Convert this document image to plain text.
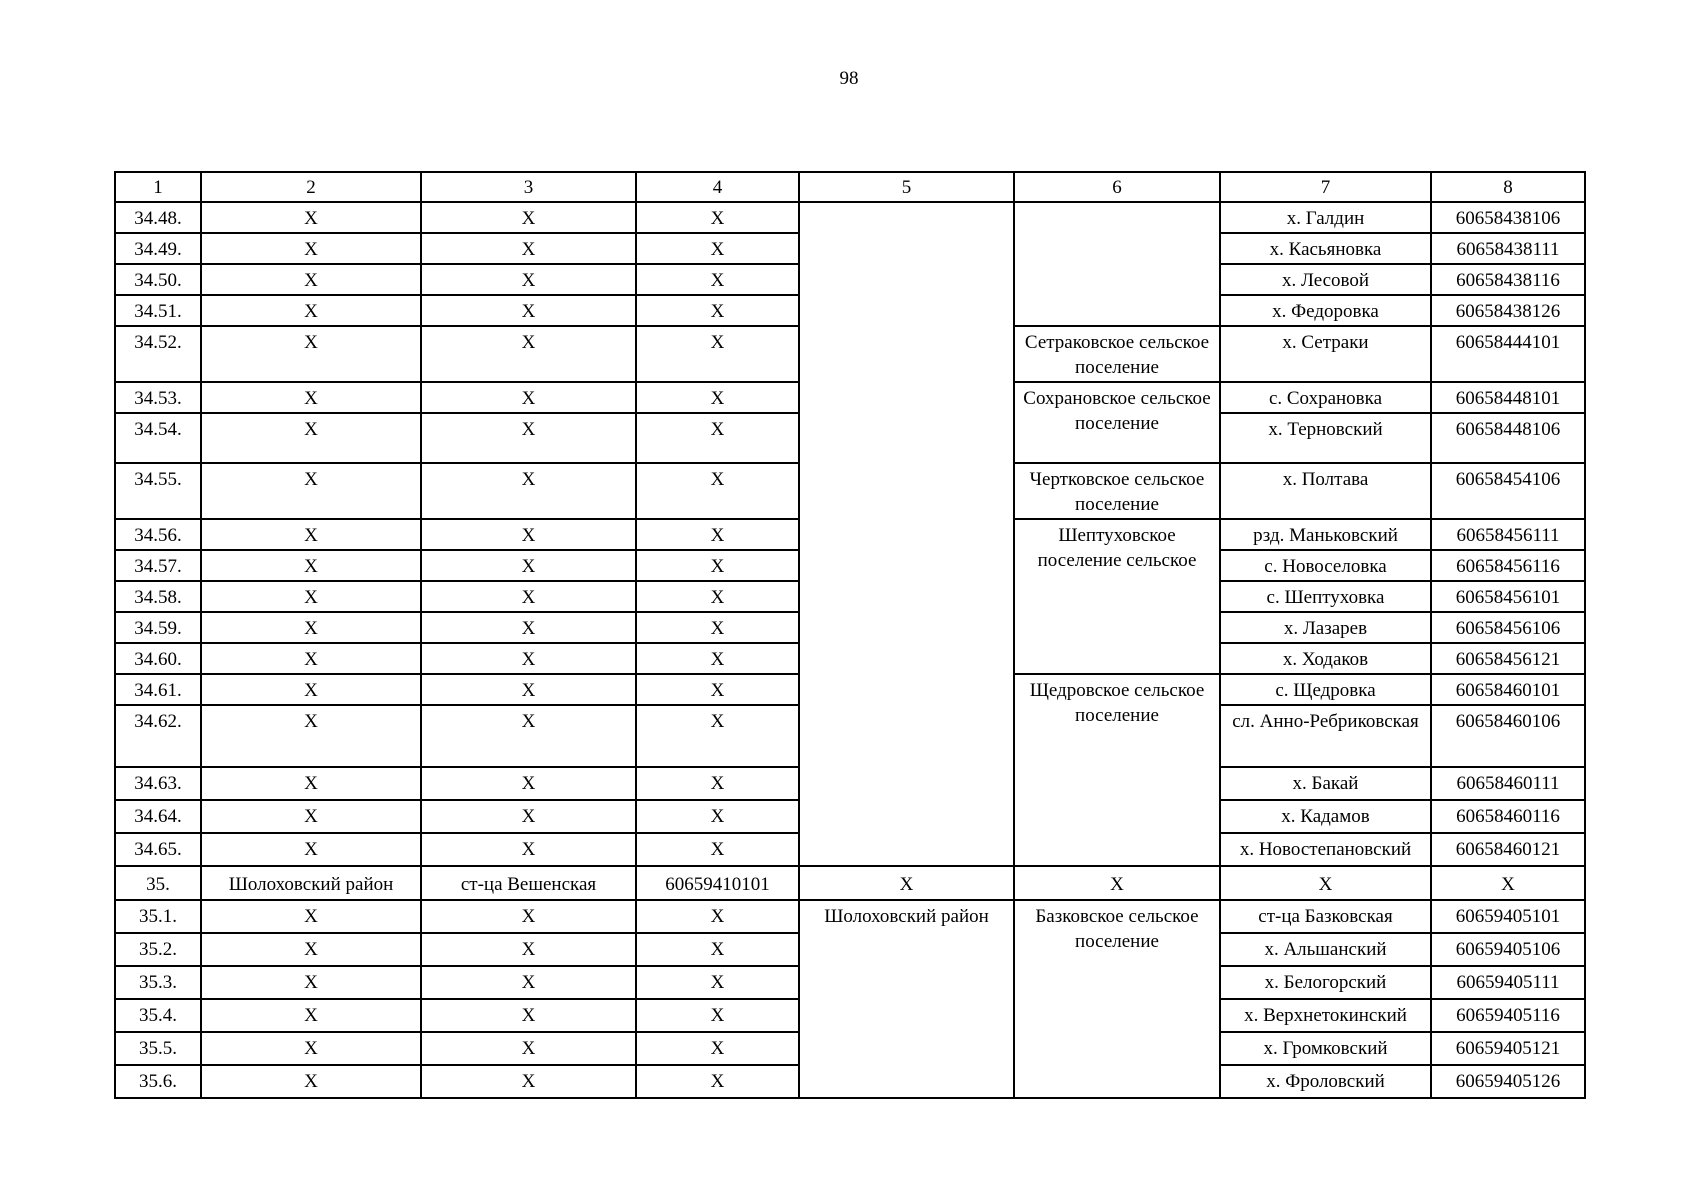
98
1	2	3	4	5	6	7	8
34.48.	X	X	X			х. Галдин	60658438106
34.49.	X	X	X			х. Касьяновка	60658438111
34.50.	X	X	X			х. Лесовой	60658438116
34.51.	X	X	X			х. Федоровка	60658438126
34.52.	X	X	X		Сетраковское сельское поселение	х. Сетраки	60658444101
34.53.	X	X	X		Сохрановское сельское поселение	с. Сохрановка	60658448101
34.54.	X	X	X			х. Терновский	60658448106
34.55.	X	X	X		Чертковское сельское поселение	х. Полтава	60658454106
34.56.	X	X	X		Шептуховское поселение сельское	рзд. Маньковский	60658456111
34.57.	X	X	X			с. Новоселовка	60658456116
34.58.	X	X	X			с. Шептуховка	60658456101
34.59.	X	X	X			х. Лазарев	60658456106
34.60.	X	X	X			х. Ходаков	60658456121
34.61.	X	X	X		Щедровское сельское поселение	с. Щедровка	60658460101
34.62.	X	X	X			сл. Анно-Ребриковская	60658460106
34.63.	X	X	X			х. Бакай	60658460111
34.64.	X	X	X			х. Кадамов	60658460116
34.65.	X	X	X			х. Новостепановский	60658460121
35.	Шолоховский район	ст-ца Вешенская	60659410101	X	X	X	X
35.1.	X	X	X	Шолоховский район	Базковское сельское поселение	ст-ца Базковская	60659405101
35.2.	X	X	X			х. Альшанский	60659405106
35.3.	X	X	X			х. Белогорский	60659405111
35.4.	X	X	X			х. Верхнетокинский	60659405116
35.5.	X	X	X			х. Громковский	60659405121
35.6.	X	X	X			х. Фроловский	60659405126
